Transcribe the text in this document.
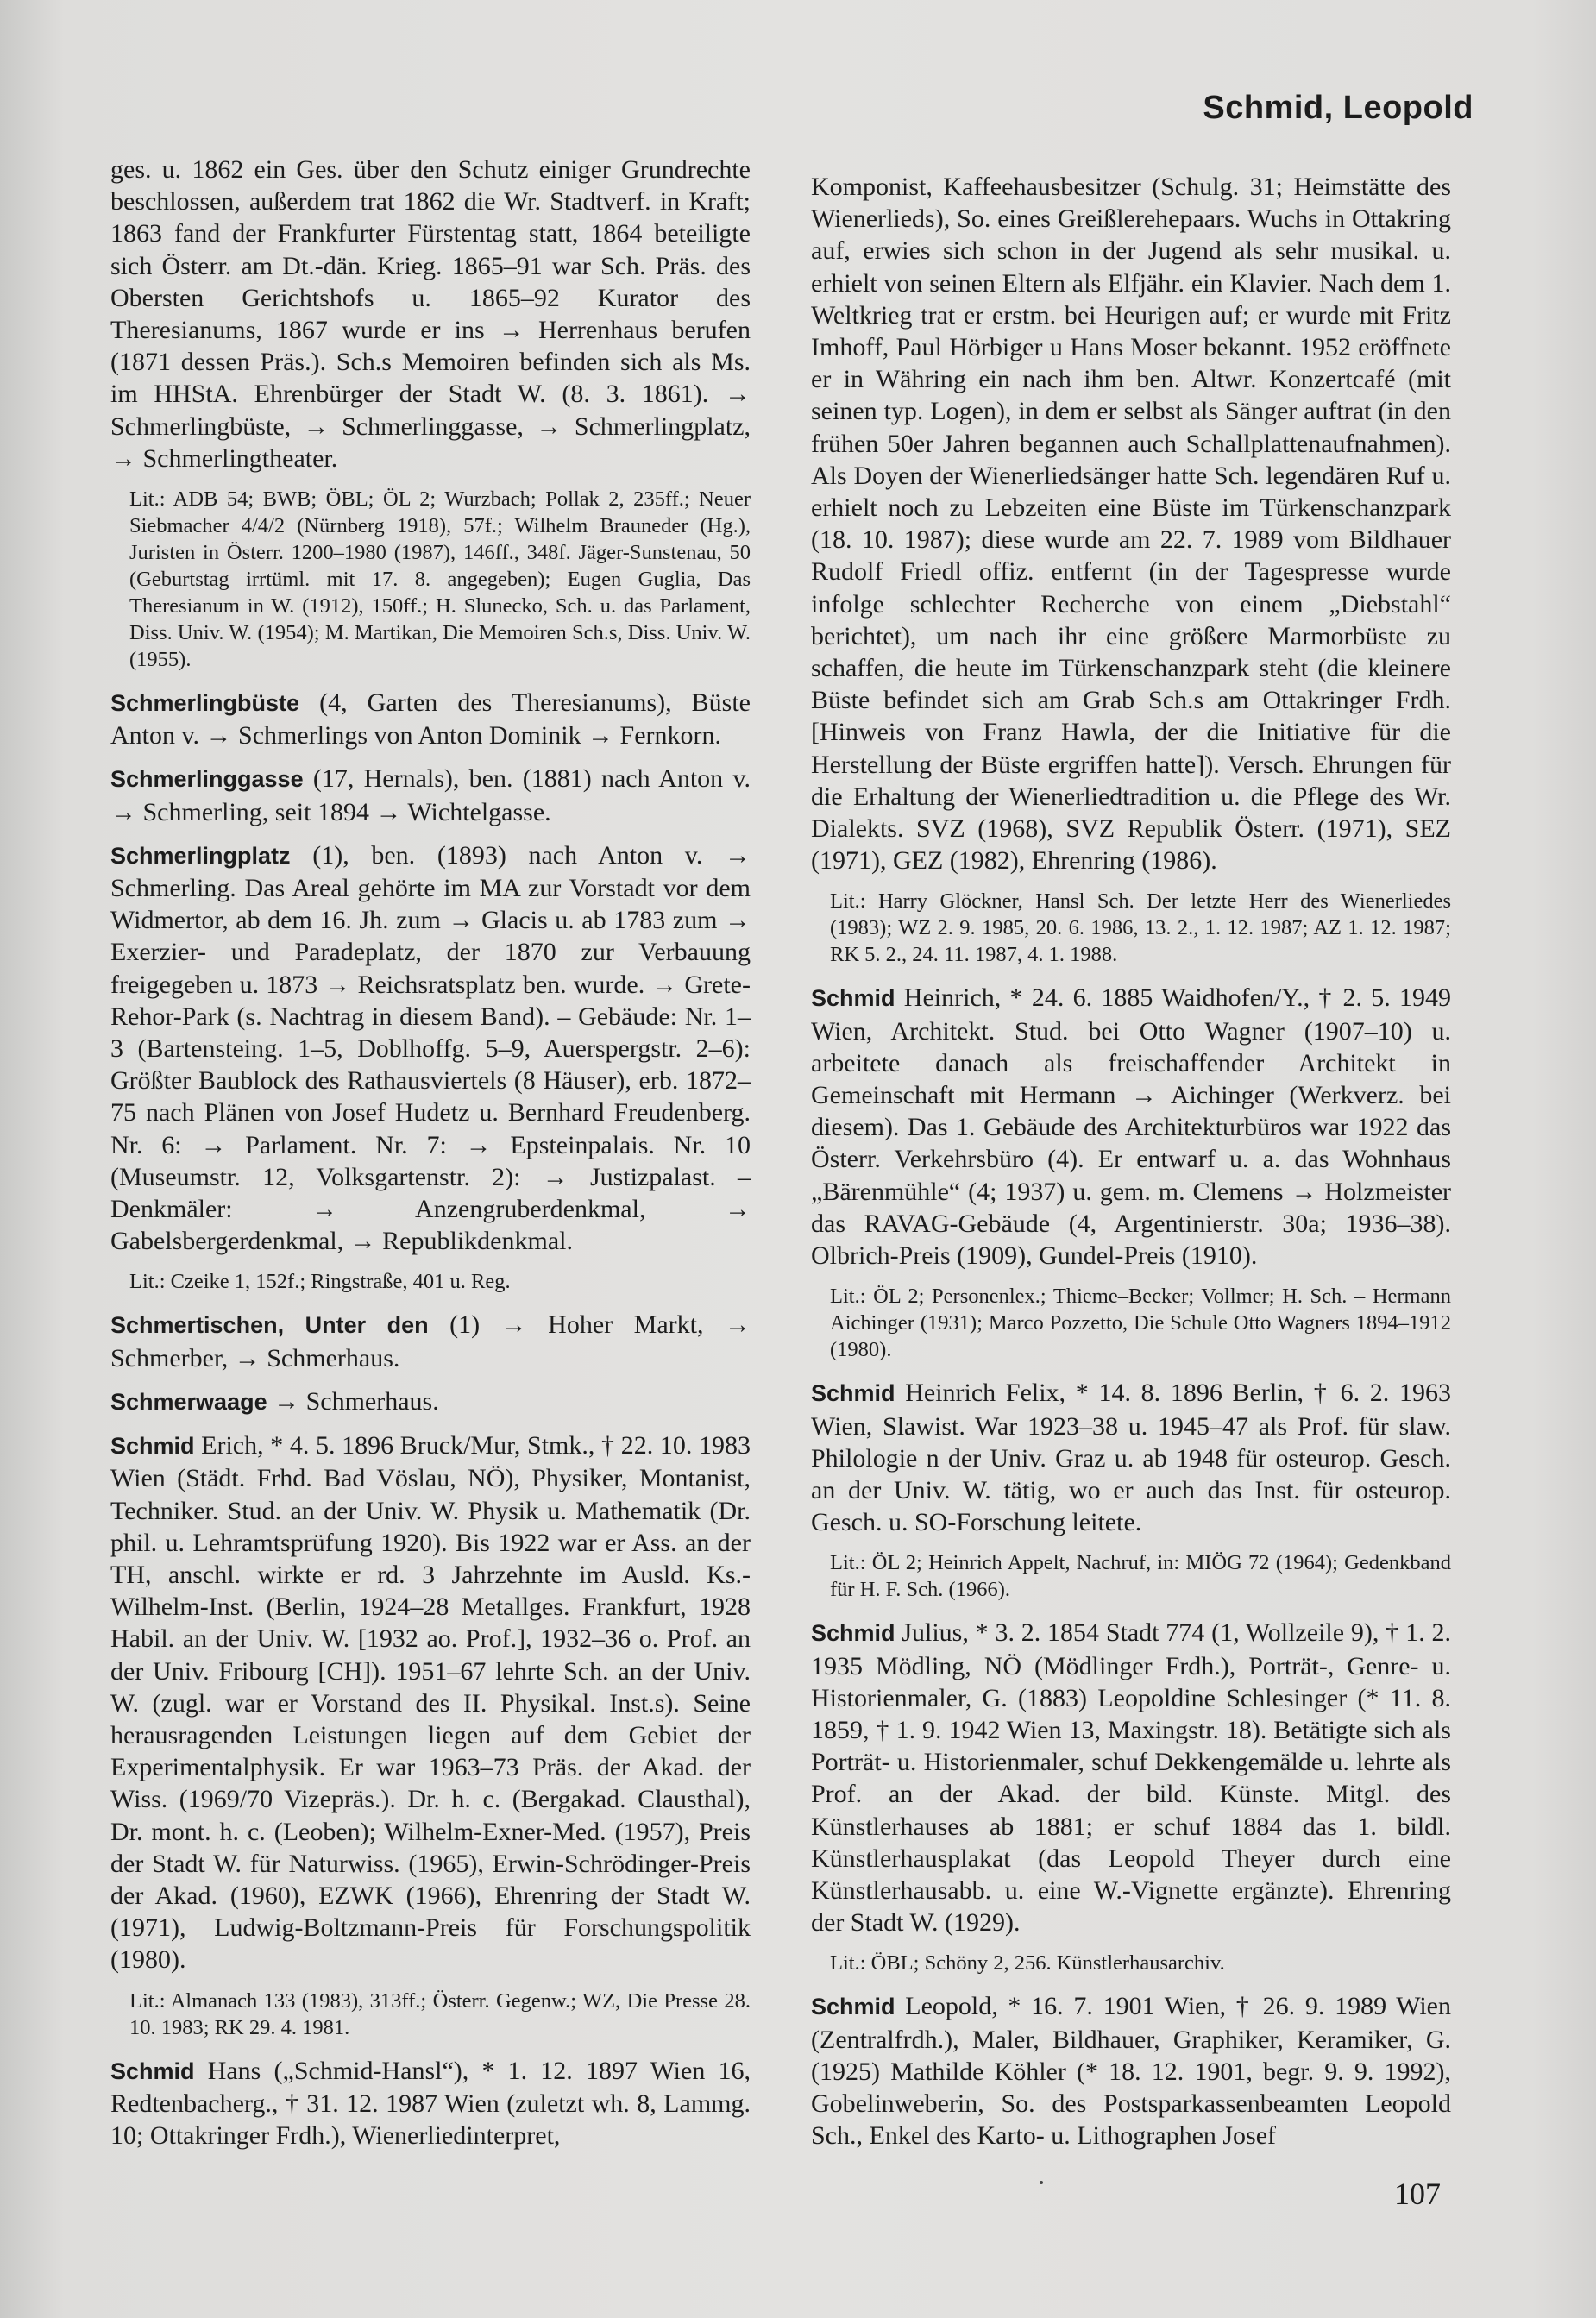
Schmid, Leopold

ges. u. 1862 ein Ges. über den Schutz einiger Grundrechte beschlossen, außerdem trat 1862 die Wr. Stadtverf. in Kraft; 1863 fand der Frankfurter Fürstentag statt, 1864 beteiligte sich Österr. am Dt.-dän. Krieg. 1865–91 war Sch. Präs. des Obersten Gerichtshofs u. 1865–92 Kurator des Theresianums, 1867 wurde er ins → Herrenhaus berufen (1871 dessen Präs.). Sch.s Memoiren befinden sich als Ms. im HHStA. Ehrenbürger der Stadt W. (8. 3. 1861). → Schmerlingbüste, → Schmerlinggasse, → Schmerlingplatz, → Schmerlingtheater.

Lit.: ADB 54; BWB; ÖBL; ÖL 2; Wurzbach; Pollak 2, 235ff.; Neuer Siebmacher 4/4/2 (Nürnberg 1918), 57f.; Wilhelm Brauneder (Hg.), Juristen in Österr. 1200–1980 (1987), 146ff., 348f. Jäger-Sunstenau, 50 (Geburtstag irrtüml. mit 17. 8. angegeben); Eugen Guglia, Das Theresianum in W. (1912), 150ff.; H. Slunecko, Sch. u. das Parlament, Diss. Univ. W. (1954); M. Martikan, Die Memoiren Sch.s, Diss. Univ. W. (1955).

Schmerlingbüste (4, Garten des Theresianums), Büste Anton v. → Schmerlings von Anton Dominik → Fernkorn.

Schmerlinggasse (17, Hernals), ben. (1881) nach Anton v. → Schmerling, seit 1894 → Wichtelgasse.

Schmerlingplatz (1), ben. (1893) nach Anton v. → Schmerling. Das Areal gehörte im MA zur Vorstadt vor dem Widmertor, ab dem 16. Jh. zum → Glacis u. ab 1783 zum → Exerzier- und Paradeplatz, der 1870 zur Verbauung freigegeben u. 1873 → Reichsratsplatz ben. wurde. → Grete-Rehor-Park (s. Nachtrag in diesem Band). – Gebäude: Nr. 1–3 (Bartensteing. 1–5, Doblhoffg. 5–9, Auerspergstr. 2–6): Größter Baublock des Rathausviertels (8 Häuser), erb. 1872–75 nach Plänen von Josef Hudetz u. Bernhard Freudenberg. Nr. 6: → Parlament. Nr. 7: → Epsteinpalais. Nr. 10 (Museumstr. 12, Volksgartenstr. 2): → Justizpalast. – Denkmäler: → Anzengruberdenkmal, → Gabelsbergerdenkmal, → Republikdenkmal.

Lit.: Czeike 1, 152f.; Ringstraße, 401 u. Reg.

Schmertischen, Unter den (1) → Hoher Markt, → Schmerber, → Schmerhaus.

Schmerwaage → Schmerhaus.

Schmid Erich, * 4. 5. 1896 Bruck/Mur, Stmk., † 22. 10. 1983 Wien (Städt. Frhd. Bad Vöslau, NÖ), Physiker, Montanist, Techniker. Stud. an der Univ. W. Physik u. Mathematik (Dr. phil. u. Lehramtsprüfung 1920). Bis 1922 war er Ass. an der TH, anschl. wirkte er rd. 3 Jahrzehnte im Ausld. Ks.-Wilhelm-Inst. (Berlin, 1924–28 Metallges. Frankfurt, 1928 Habil. an der Univ. W. [1932 ao. Prof.], 1932–36 o. Prof. an der Univ. Fribourg [CH]). 1951–67 lehrte Sch. an der Univ. W. (zugl. war er Vorstand des II. Physikal. Inst.s). Seine herausragenden Leistungen liegen auf dem Gebiet der Experimentalphysik. Er war 1963–73 Präs. der Akad. der Wiss. (1969/70 Vizepräs.). Dr. h. c. (Bergakad. Clausthal), Dr. mont. h. c. (Leoben); Wilhelm-Exner-Med. (1957), Preis der Stadt W. für Naturwiss. (1965), Erwin-Schrödinger-Preis der Akad. (1960), EZWK (1966), Ehrenring der Stadt W. (1971), Ludwig-Boltzmann-Preis für Forschungspolitik (1980).

Lit.: Almanach 133 (1983), 313ff.; Österr. Gegenw.; WZ, Die Presse 28. 10. 1983; RK 29. 4. 1981.

Schmid Hans („Schmid-Hansl“), * 1. 12. 1897 Wien 16, Redtenbacherg., † 31. 12. 1987 Wien (zuletzt wh. 8, Lammg. 10; Ottakringer Frdh.), Wienerliedinterpret,

Komponist, Kaffeehausbesitzer (Schulg. 31; Heimstätte des Wienerlieds), So. eines Greißlerehepaars. Wuchs in Ottakring auf, erwies sich schon in der Jugend als sehr musikal. u. erhielt von seinen Eltern als Elfjähr. ein Klavier. Nach dem 1. Weltkrieg trat er erstm. bei Heurigen auf; er wurde mit Fritz Imhoff, Paul Hörbiger u Hans Moser bekannt. 1952 eröffnete er in Währing ein nach ihm ben. Altwr. Konzertcafé (mit seinen typ. Logen), in dem er selbst als Sänger auftrat (in den frühen 50er Jahren begannen auch Schallplattenaufnahmen). Als Doyen der Wienerliedsänger hatte Sch. legendären Ruf u. erhielt noch zu Lebzeiten eine Büste im Türkenschanzpark (18. 10. 1987); diese wurde am 22. 7. 1989 vom Bildhauer Rudolf Friedl offiz. entfernt (in der Tagespresse wurde infolge schlechter Recherche von einem „Diebstahl“ berichtet), um nach ihr eine größere Marmorbüste zu schaffen, die heute im Türkenschanzpark steht (die kleinere Büste befindet sich am Grab Sch.s am Ottakringer Frdh. [Hinweis von Franz Hawla, der die Initiative für die Herstellung der Büste ergriffen hatte]). Versch. Ehrungen für die Erhaltung der Wienerliedtradition u. die Pflege des Wr. Dialekts. SVZ (1968), SVZ Republik Österr. (1971), SEZ (1971), GEZ (1982), Ehrenring (1986).

Lit.: Harry Glöckner, Hansl Sch. Der letzte Herr des Wienerliedes (1983); WZ 2. 9. 1985, 20. 6. 1986, 13. 2., 1. 12. 1987; AZ 1. 12. 1987; RK 5. 2., 24. 11. 1987, 4. 1. 1988.

Schmid Heinrich, * 24. 6. 1885 Waidhofen/Y., † 2. 5. 1949 Wien, Architekt. Stud. bei Otto Wagner (1907–10) u. arbeitete danach als freischaffender Architekt in Gemeinschaft mit Hermann → Aichinger (Werkverz. bei diesem). Das 1. Gebäude des Architekturbüros war 1922 das Österr. Verkehrsbüro (4). Er entwarf u. a. das Wohnhaus „Bärenmühle“ (4; 1937) u. gem. m. Clemens → Holzmeister das RAVAG-Gebäude (4, Argentinierstr. 30a; 1936–38). Olbrich-Preis (1909), Gundel-Preis (1910).

Lit.: ÖL 2; Personenlex.; Thieme–Becker; Vollmer; H. Sch. – Hermann Aichinger (1931); Marco Pozzetto, Die Schule Otto Wagners 1894–1912 (1980).

Schmid Heinrich Felix, * 14. 8. 1896 Berlin, † 6. 2. 1963 Wien, Slawist. War 1923–38 u. 1945–47 als Prof. für slaw. Philologie n der Univ. Graz u. ab 1948 für osteurop. Gesch. an der Univ. W. tätig, wo er auch das Inst. für osteurop. Gesch. u. SO-Forschung leitete.

Lit.: ÖL 2; Heinrich Appelt, Nachruf, in: MIÖG 72 (1964); Gedenkband für H. F. Sch. (1966).

Schmid Julius, * 3. 2. 1854 Stadt 774 (1, Wollzeile 9), † 1. 2. 1935 Mödling, NÖ (Mödlinger Frdh.), Porträt-, Genre- u. Historienmaler, G. (1883) Leopoldine Schlesinger (* 11. 8. 1859, † 1. 9. 1942 Wien 13, Maxingstr. 18). Betätigte sich als Porträt- u. Historienmaler, schuf Dekkengemälde u. lehrte als Prof. an der Akad. der bild. Künste. Mitgl. des Künstlerhauses ab 1881; er schuf 1884 das 1. bildl. Künstlerhausplakat (das Leopold Theyer durch eine Künstlerhausabb. u. eine W.-Vignette ergänzte). Ehrenring der Stadt W. (1929).

Lit.: ÖBL; Schöny 2, 256. Künstlerhausarchiv.

Schmid Leopold, * 16. 7. 1901 Wien, † 26. 9. 1989 Wien (Zentralfrdh.), Maler, Bildhauer, Graphiker, Keramiker, G. (1925) Mathilde Köhler (* 18. 12. 1901, begr. 9. 9. 1992), Gobelinweberin, So. des Postsparkassenbeamten Leopold Sch., Enkel des Karto- u. Lithographen Josef

107
